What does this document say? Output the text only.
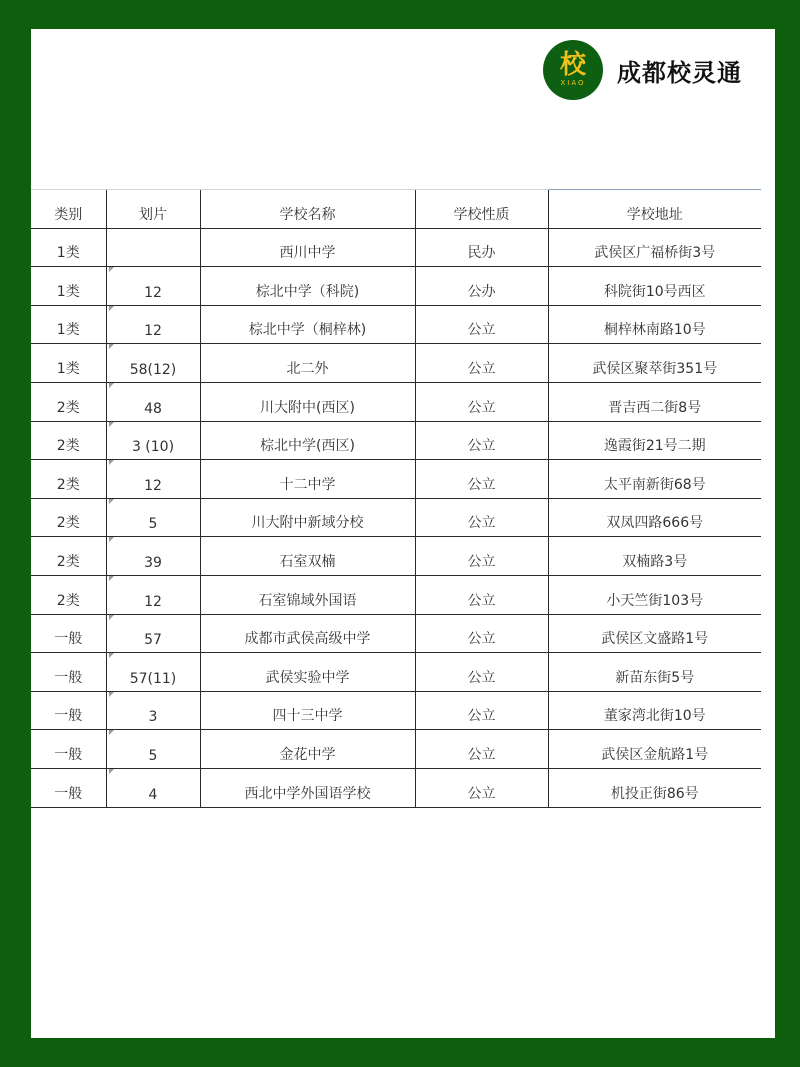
校
XIAO 成都校灵通
类别	划片	学校名称	学校性质	学校地址
1类		西川中学	民办	武侯区广福桥街3号
1类	12	棕北中学（科院)	公办	科院街10号西区
1类	12	棕北中学（桐梓林)	公立	桐梓林南路10号
1类	58(12)	北二外	公立	武侯区聚萃街351号
2类	48	川大附中(西区)	公立	晋吉西二街8号
2类	3 (10)	棕北中学(西区)	公立	逸霞街21号二期
2类	12	十二中学	公立	太平南新街68号
2类	5	川大附中新域分校	公立	双凤四路666号
2类	39	石室双楠	公立	双楠路3号
2类	12	石室锦域外国语	公立	小天竺街103号
一般	57	成都市武侯高级中学	公立	武侯区文盛路1号
一般	57(11)	武侯实验中学	公立	新苗东街5号
一般	3	四十三中学	公立	董家湾北街10号
一般	5	金花中学	公立	武侯区金航路1号
一般	4	西北中学外国语学校	公立	机投正街86号
